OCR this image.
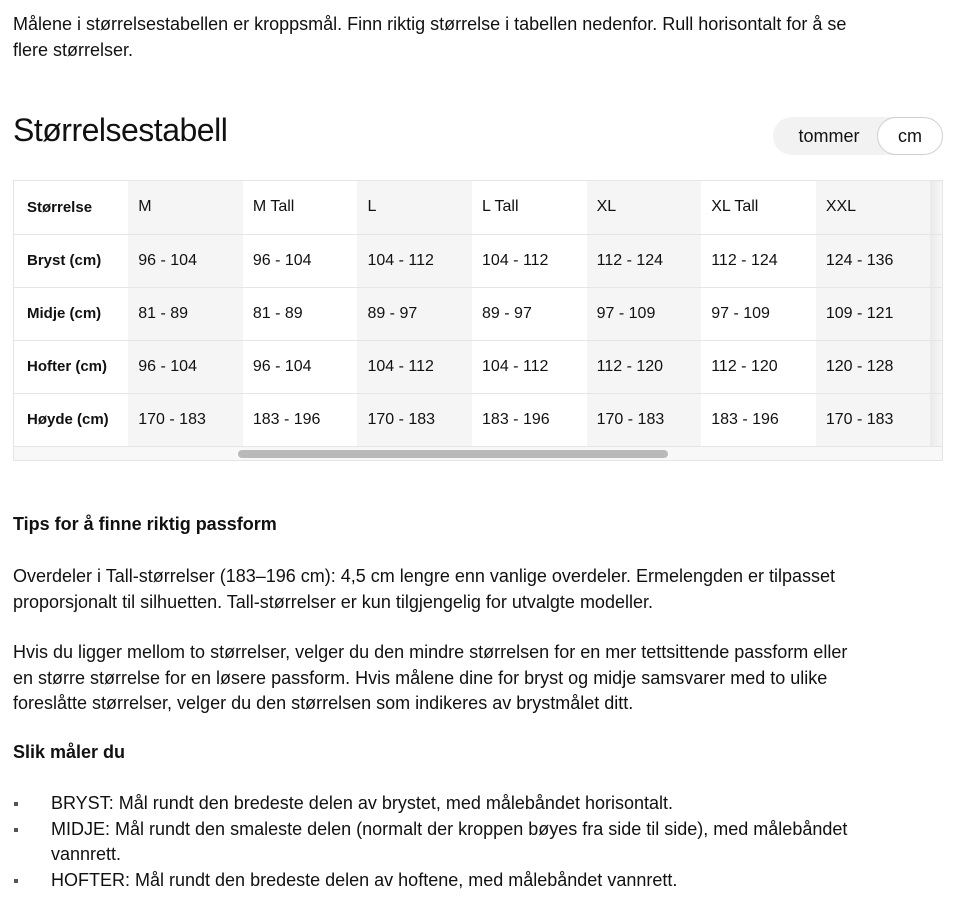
Målene i størrelsestabellen er kroppsmål. Finn riktig størrelse i tabellen nedenfor. Rull horisontalt for å se flere størrelser.

Størrelsestabell	tommer	cm
Størrelse	M	M Tall	L	L Tall	XL	XL Tall	XXL	
Bryst (cm)	96 - 104	96 - 104	104 - 112	104 - 112	112 - 124	112 - 124	124 - 136	
Midje (cm)	81 - 89	81 - 89	89 - 97	89 - 97	97 - 109	97 - 109	109 - 121	
Hofter (cm)	96 - 104	96 - 104	104 - 112	104 - 112	112 - 120	112 - 120	120 - 128	
Høyde (cm)	170 - 183	183 - 196	170 - 183	183 - 196	170 - 183	183 - 196	170 - 183	
Tips for å finne riktig passform

Overdeler i Tall-størrelser (183–196 cm): 4,5 cm lengre enn vanlige overdeler. Ermelengden er tilpasset proporsjonalt til silhuetten. Tall-størrelser er kun tilgjengelig for utvalgte modeller.

Hvis du ligger mellom to størrelser, velger du den mindre størrelsen for en mer tettsittende passform eller en større størrelse for en løsere passform. Hvis målene dine for bryst og midje samsvarer med to ulike foreslåtte størrelser, velger du den størrelsen som indikeres av brystmålet ditt.

Slik måler du
BRYST: Mål rundt den bredeste delen av brystet, med målebåndet horisontalt.
MIDJE: Mål rundt den smaleste delen (normalt der kroppen bøyes fra side til side), med målebåndet vannrett.
HOFTER: Mål rundt den bredeste delen av hoftene, med målebåndet vannrett.
